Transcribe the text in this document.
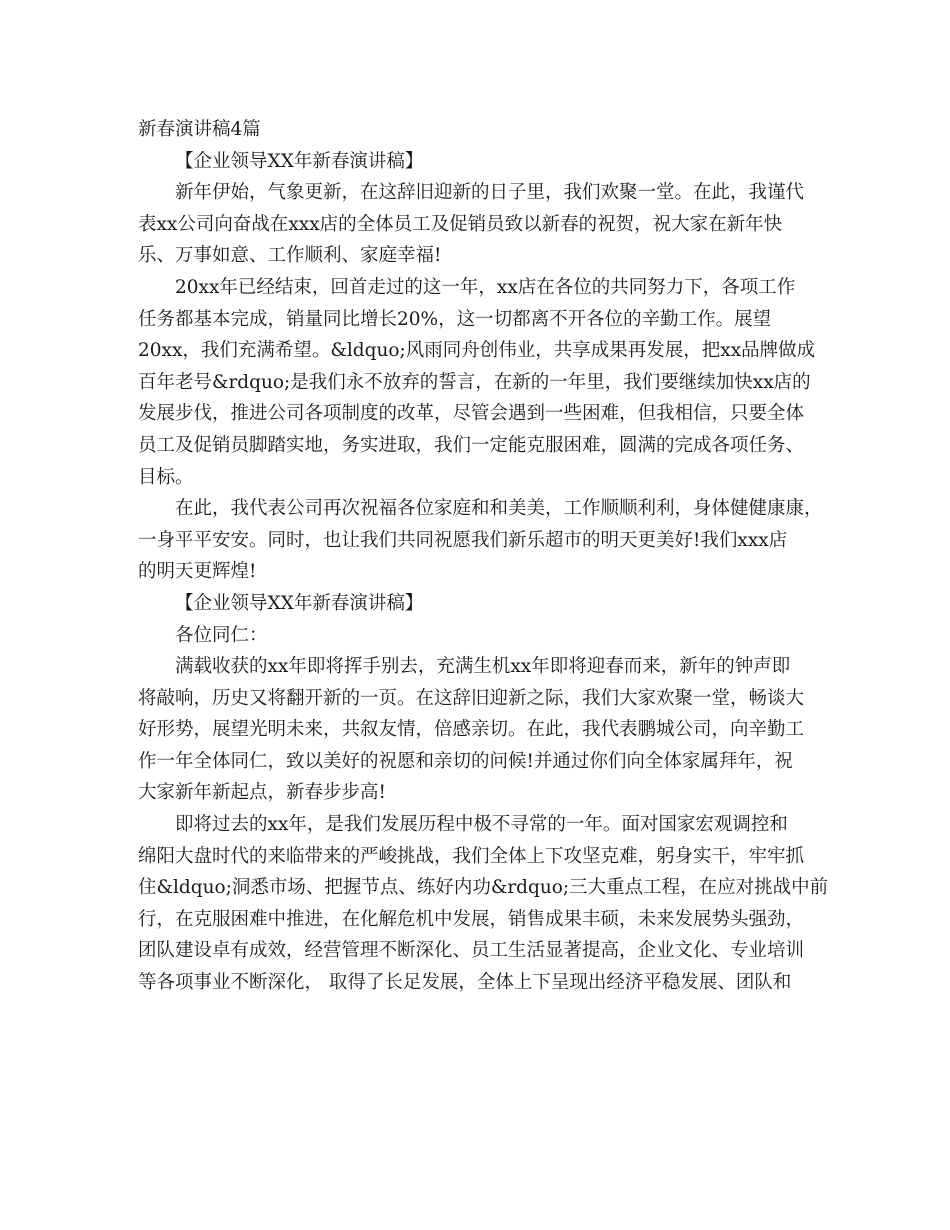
新春演讲稿4篇
【企业领导XX年新春演讲稿】
新年伊始，气象更新，在这辞旧迎新的日子里，我们欢聚一堂。在此，我谨代
表xx公司向奋战在xxx店的全体员工及促销员致以新春的祝贺，祝大家在新年快
乐、万事如意、工作顺利、家庭幸福!
20xx年已经结束，回首走过的这一年，xx店在各位的共同努力下，各项工作
任务都基本完成，销量同比增长20%，这一切都离不开各位的辛勤工作。展望
20xx，我们充满希望。&ldquo;风雨同舟创伟业，共享成果再发展，把xx品牌做成
百年老号&rdquo;是我们永不放弃的誓言，在新的一年里，我们要继续加快xx店的
发展步伐，推进公司各项制度的改革，尽管会遇到一些困难，但我相信，只要全体
员工及促销员脚踏实地，务实进取，我们一定能克服困难，圆满的完成各项任务、
目标。
在此，我代表公司再次祝福各位家庭和和美美，工作顺顺利利，身体健健康康，
一身平平安安。同时，也让我们共同祝愿我们新乐超市的明天更美好!我们xxx店
的明天更辉煌!
【企业领导XX年新春演讲稿】
各位同仁：
满载收获的xx年即将挥手别去，充满生机xx年即将迎春而来，新年的钟声即
将敲响，历史又将翻开新的一页。在这辞旧迎新之际，我们大家欢聚一堂，畅谈大
好形势，展望光明未来，共叙友情，倍感亲切。在此，我代表鹏城公司，向辛勤工
作一年全体同仁，致以美好的祝愿和亲切的问候!并通过你们向全体家属拜年，祝
大家新年新起点，新春步步高!
即将过去的xx年，是我们发展历程中极不寻常的一年。面对国家宏观调控和
绵阳大盘时代的来临带来的严峻挑战，我们全体上下攻坚克难，躬身实干，牢牢抓
住&ldquo;洞悉市场、把握节点、练好内功&rdquo;三大重点工程，在应对挑战中前
行，在克服困难中推进，在化解危机中发展，销售成果丰硕，未来发展势头强劲，
团队建设卓有成效，经营管理不断深化、员工生活显著提高，企业文化、专业培训
等各项事业不断深化， 取得了长足发展，全体上下呈现出经济平稳发展、团队和
